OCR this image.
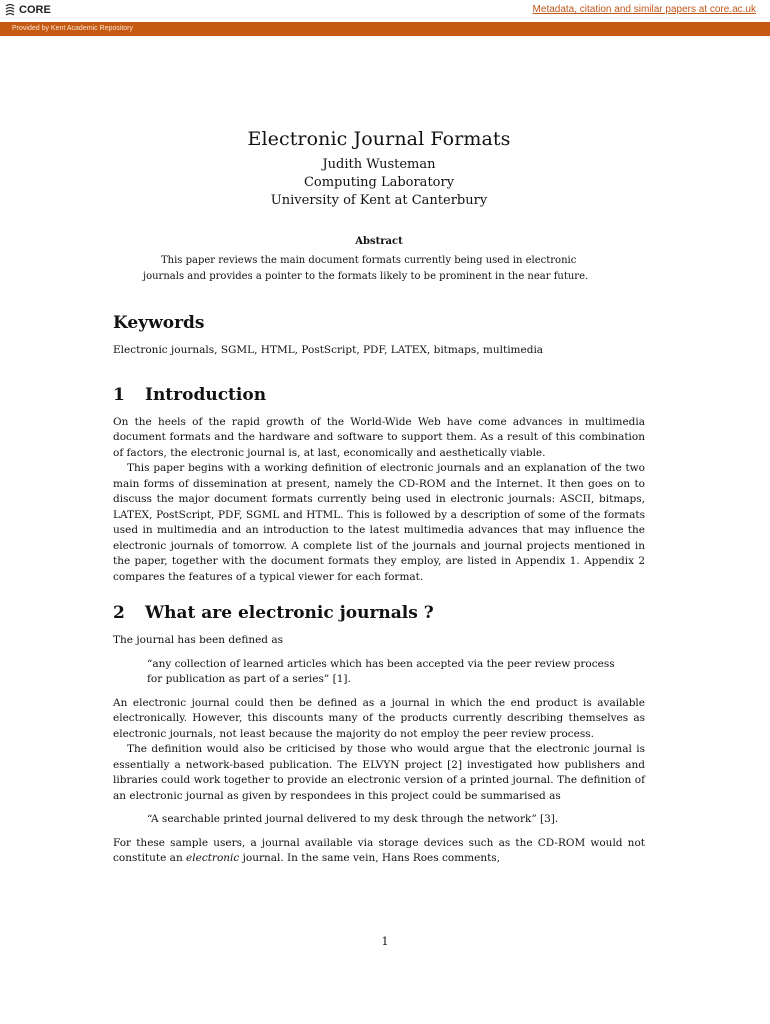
CORE	Metadata, citation and similar papers at core.ac.uk
Provided by Kent Academic Repository
Electronic Journal Formats
Judith Wusteman
Computing Laboratory
University of Kent at Canterbury
Abstract

This paper reviews the main document formats currently being used in electronic journals and provides a pointer to the formats likely to be prominent in the near future.

Keywords

Electronic journals, SGML, HTML, PostScript, PDF, LATEX, bitmaps, multimedia

1 Introduction

On the heels of the rapid growth of the World-Wide Web have come advances in multimedia document formats and the hardware and software to support them. As a result of this combination of factors, the electronic journal is, at last, economically and aesthetically viable.

This paper begins with a working definition of electronic journals and an explanation of the two main forms of dissemination at present, namely the CD-ROM and the Internet. It then goes on to discuss the major document formats currently being used in electronic journals: ASCII, bitmaps, LATEX, PostScript, PDF, SGML and HTML. This is followed by a description of some of the formats used in multimedia and an introduction to the latest multimedia advances that may influence the electronic journals of tomorrow. A complete list of the journals and journal projects mentioned in the paper, together with the document formats they employ, are listed in Appendix 1. Appendix 2 compares the features of a typical viewer for each format.

2 What are electronic journals ?

The journal has been defined as

“any collection of learned articles which has been accepted via the peer review process for publication as part of a series” [1].

An electronic journal could then be defined as a journal in which the end product is available electronically. However, this discounts many of the products currently describing themselves as electronic journals, not least because the majority do not employ the peer review process.

The definition would also be criticised by those who would argue that the electronic journal is essentially a network-based publication. The ELVYN project [2] investigated how publishers and libraries could work together to provide an electronic version of a printed journal. The definition of an electronic journal as given by respondees in this project could be summarised as

“A searchable printed journal delivered to my desk through the network” [3].

For these sample users, a journal available via storage devices such as the CD-ROM would not constitute an electronic journal. In the same vein, Hans Roes comments,

1
